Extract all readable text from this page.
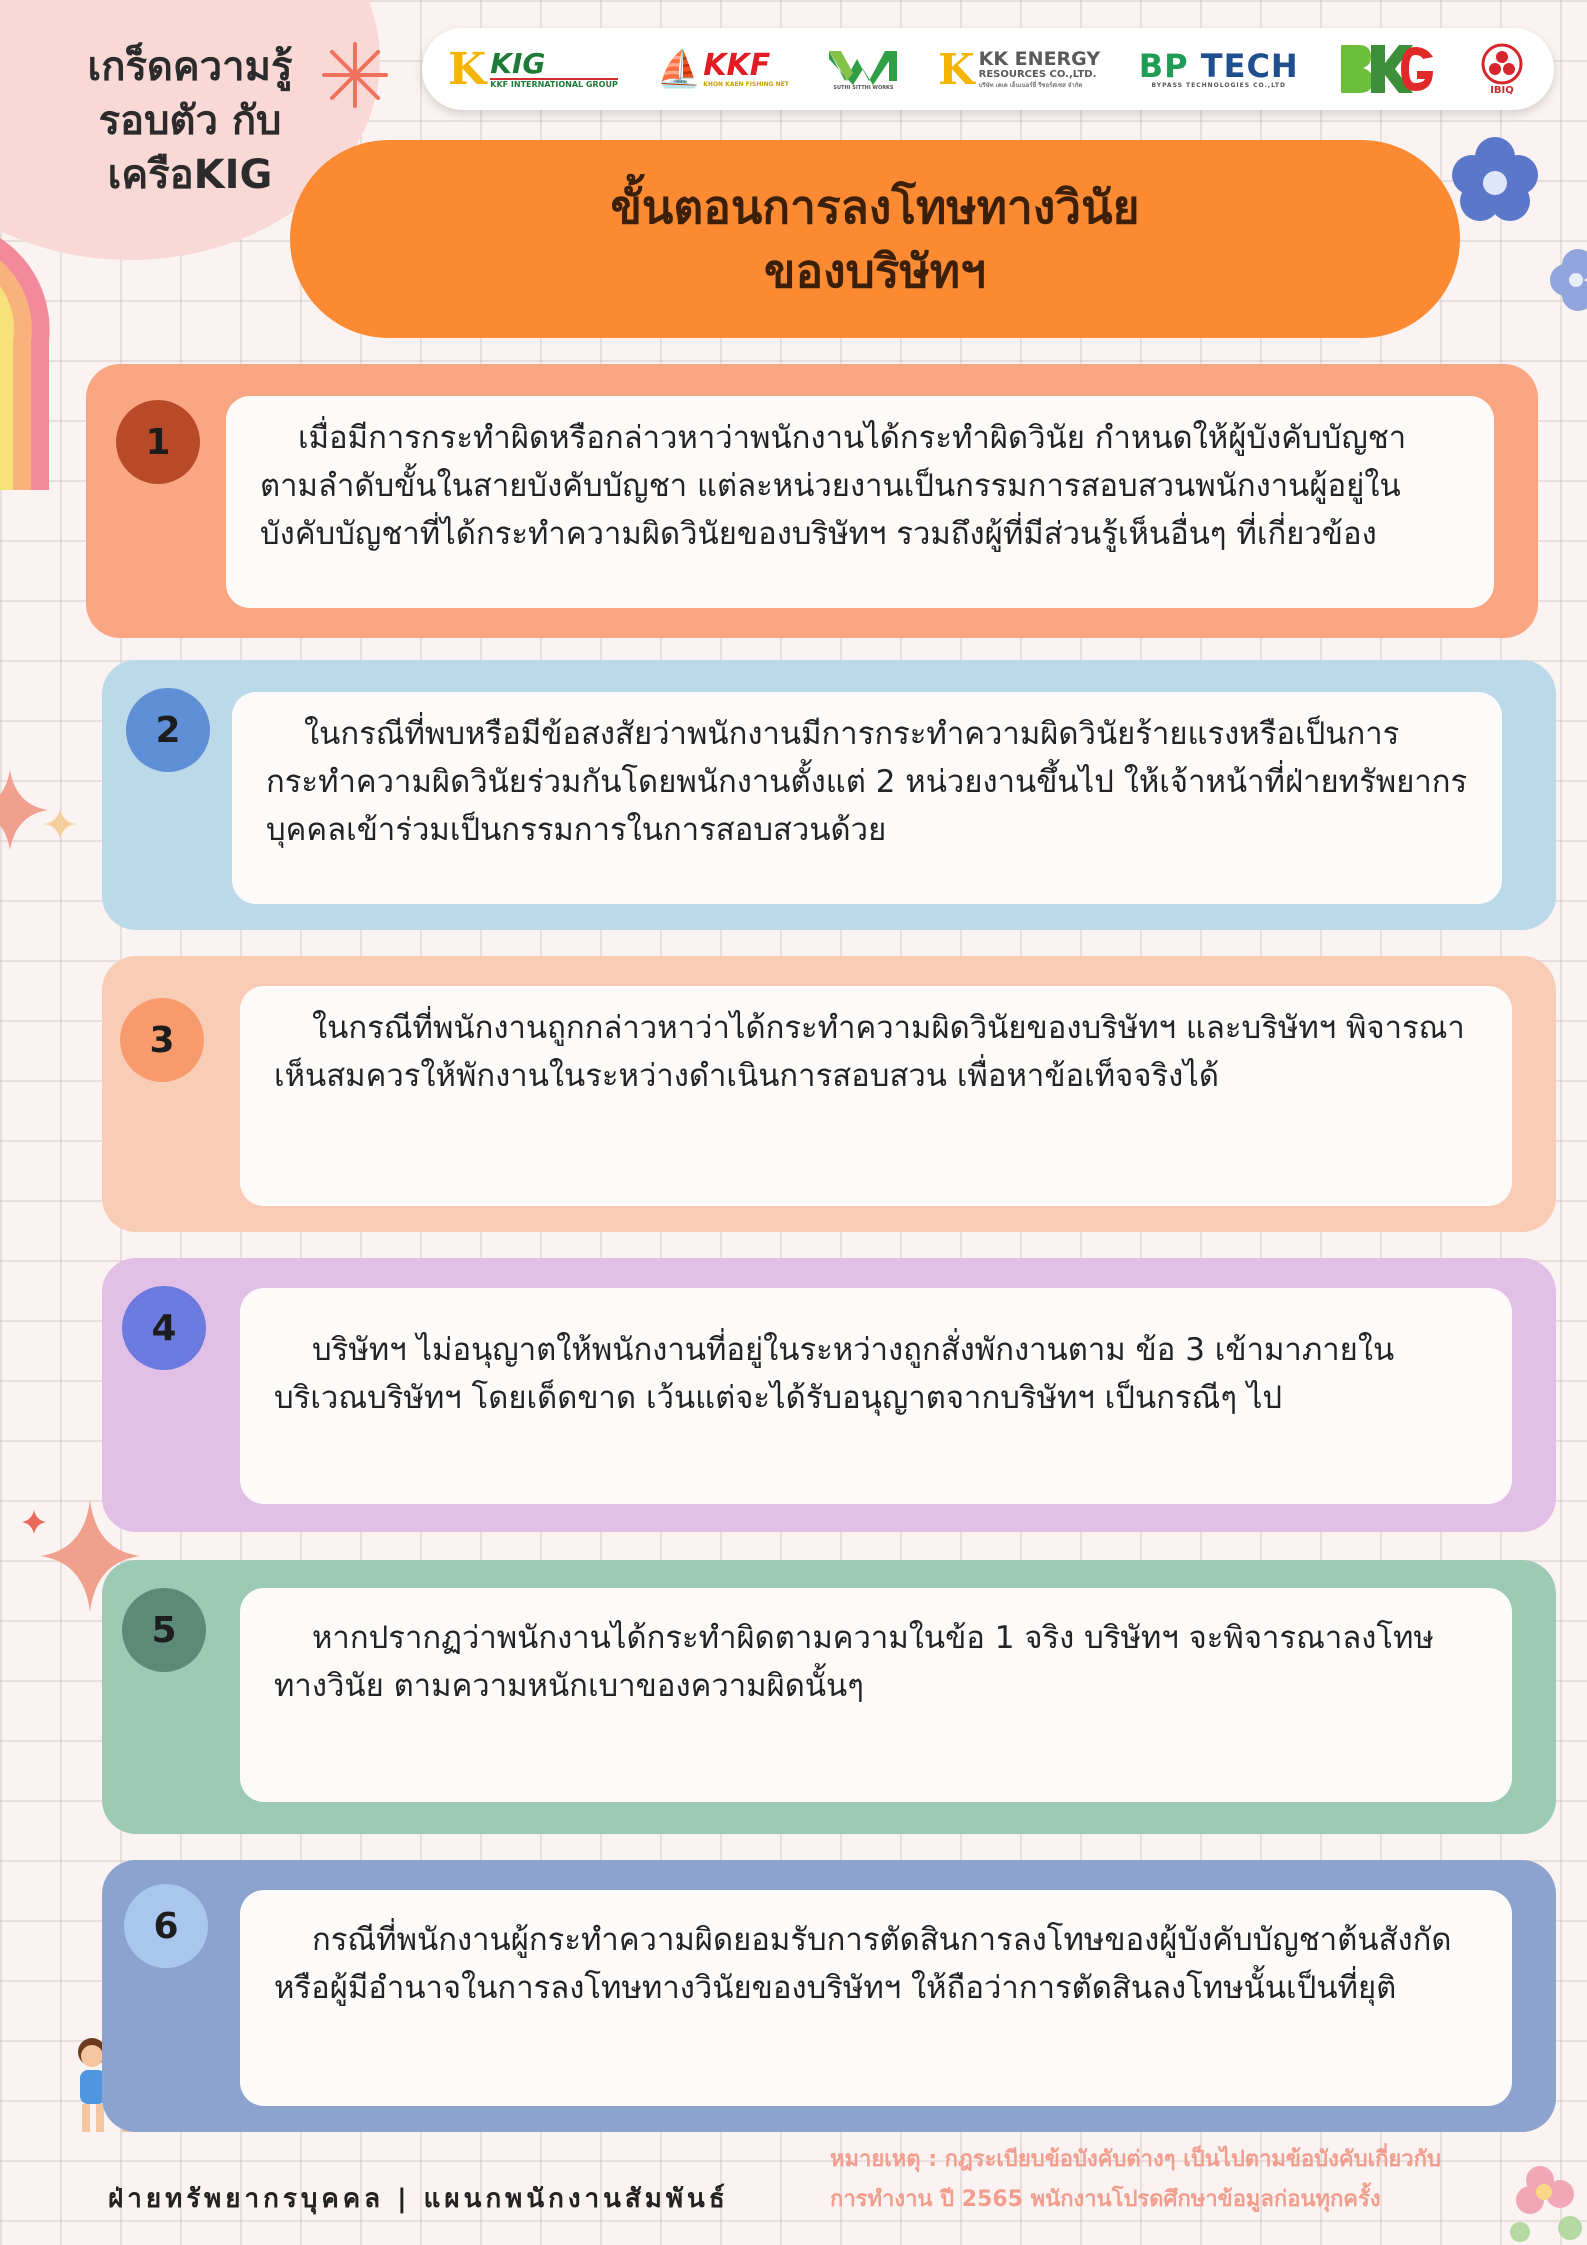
เกร็ดความรู้
รอบตัว กับ
เครือKIG
K KIG
KKF INTERNATIONAL GROUP ⛵ KKF
KHON KAEN FISHING NET
SUTHI SITTHI WORKS K KK ENERGY
RESOURCES CO.,LTD.
บริษัท เคเค เอ็นเนอร์ยี่ รีซอร์สเซส จำกัด
BP TECH
BYPASS TECHNOLOGIES CO.,LTD	IBIQ
ขั้นตอนการลงโทษทางวินัย
ของบริษัทฯ
1	เมื่อมีการกระทำผิดหรือกล่าวหาว่าพนักงานได้กระทำผิดวินัย กำหนดให้ผู้บังคับบัญชาตามลำดับขั้นในสายบังคับบัญชา แต่ละหน่วยงานเป็นกรรมการสอบสวนพนักงานผู้อยู่ในบังคับบัญชาที่ได้กระทำความผิดวินัยของบริษัทฯ รวมถึงผู้ที่มีส่วนรู้เห็นอื่นๆ ที่เกี่ยวข้อง
2	ในกรณีที่พบหรือมีข้อสงสัยว่าพนักงานมีการกระทำความผิดวินัยร้ายแรงหรือเป็นการกระทำความผิดวินัยร่วมกันโดยพนักงานตั้งแต่ 2 หน่วยงานขึ้นไป ให้เจ้าหน้าที่ฝ่ายทรัพยากรบุคคลเข้าร่วมเป็นกรรมการในการสอบสวนด้วย
3	ในกรณีที่พนักงานถูกกล่าวหาว่าได้กระทำความผิดวินัยของบริษัทฯ และบริษัทฯ พิจารณาเห็นสมควรให้พักงานในระหว่างดำเนินการสอบสวน เพื่อหาข้อเท็จจริงได้
4
บริษัทฯ ไม่อนุญาตให้พนักงานที่อยู่ในระหว่างถูกสั่งพักงานตาม ข้อ 3 เข้ามาภายในบริเวณบริษัทฯ โดยเด็ดขาด เว้นแต่จะได้รับอนุญาตจากบริษัทฯ เป็นกรณีๆ ไป
5	หากปรากฏว่าพนักงานได้กระทำผิดตามความในข้อ 1 จริง บริษัทฯ จะพิจารณาลงโทษทางวินัย ตามความหนักเบาของความผิดนั้นๆ
6	กรณีที่พนักงานผู้กระทำความผิดยอมรับการตัดสินการลงโทษของผู้บังคับบัญชาต้นสังกัดหรือผู้มีอำนาจในการลงโทษทางวินัยของบริษัทฯ ให้ถือว่าการตัดสินลงโทษนั้นเป็นที่ยุติ
ฝ่ายทรัพยากรบุคคล | แผนกพนักงานสัมพันธ์
หมายเหตุ : กฎระเบียบข้อบังคับต่างๆ เป็นไปตามข้อบังคับเกี่ยวกับ
การทำงาน ปี 2565 พนักงานโปรดศึกษาข้อมูลก่อนทุกครั้ง
